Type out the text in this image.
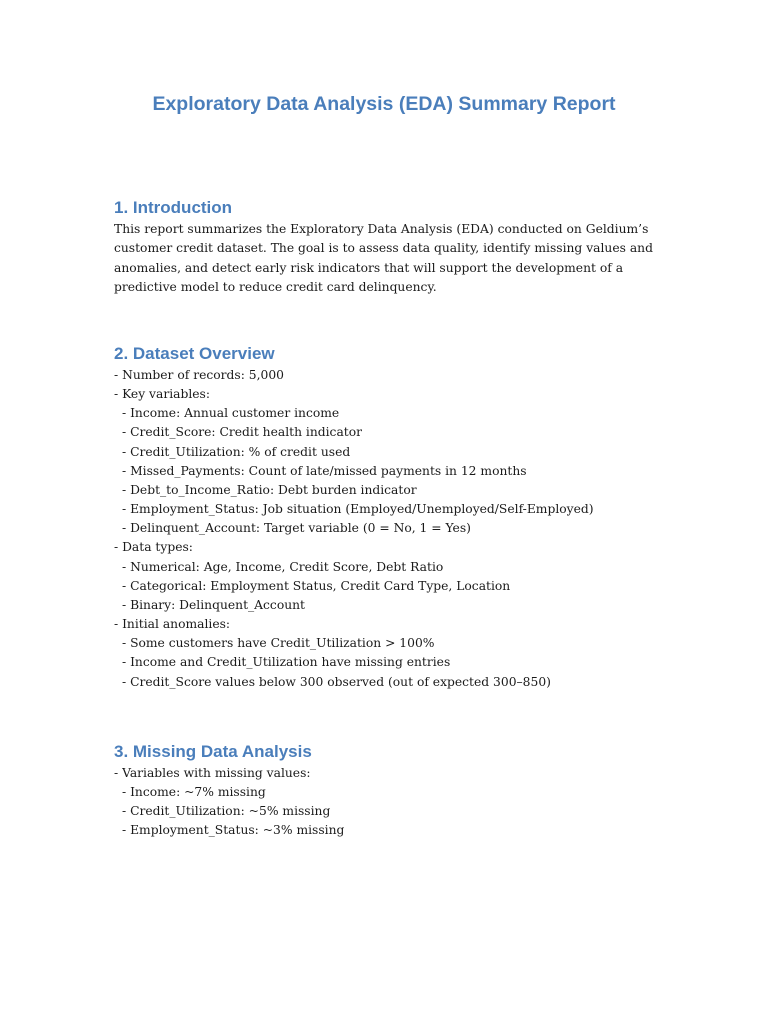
Exploratory Data Analysis (EDA) Summary Report
1. Introduction

This report summarizes the Exploratory Data Analysis (EDA) conducted on Geldium’s customer credit dataset. The goal is to assess data quality, identify missing values and anomalies, and detect early risk indicators that will support the development of a predictive model to reduce credit card delinquency.

2. Dataset Overview
- Number of records: 5,000
- Key variables:
- Income: Annual customer income
- Credit_Score: Credit health indicator
- Credit_Utilization: % of credit used
- Missed_Payments: Count of late/missed payments in 12 months
- Debt_to_Income_Ratio: Debt burden indicator
- Employment_Status: Job situation (Employed/Unemployed/Self-Employed)
- Delinquent_Account: Target variable (0 = No, 1 = Yes)
- Data types:
- Numerical: Age, Income, Credit Score, Debt Ratio
- Categorical: Employment Status, Credit Card Type, Location
- Binary: Delinquent_Account
- Initial anomalies:
- Some customers have Credit_Utilization > 100%
- Income and Credit_Utilization have missing entries
- Credit_Score values below 300 observed (out of expected 300–850)
3. Missing Data Analysis
- Variables with missing values:
- Income: ~7% missing
- Credit_Utilization: ~5% missing
- Employment_Status: ~3% missing
